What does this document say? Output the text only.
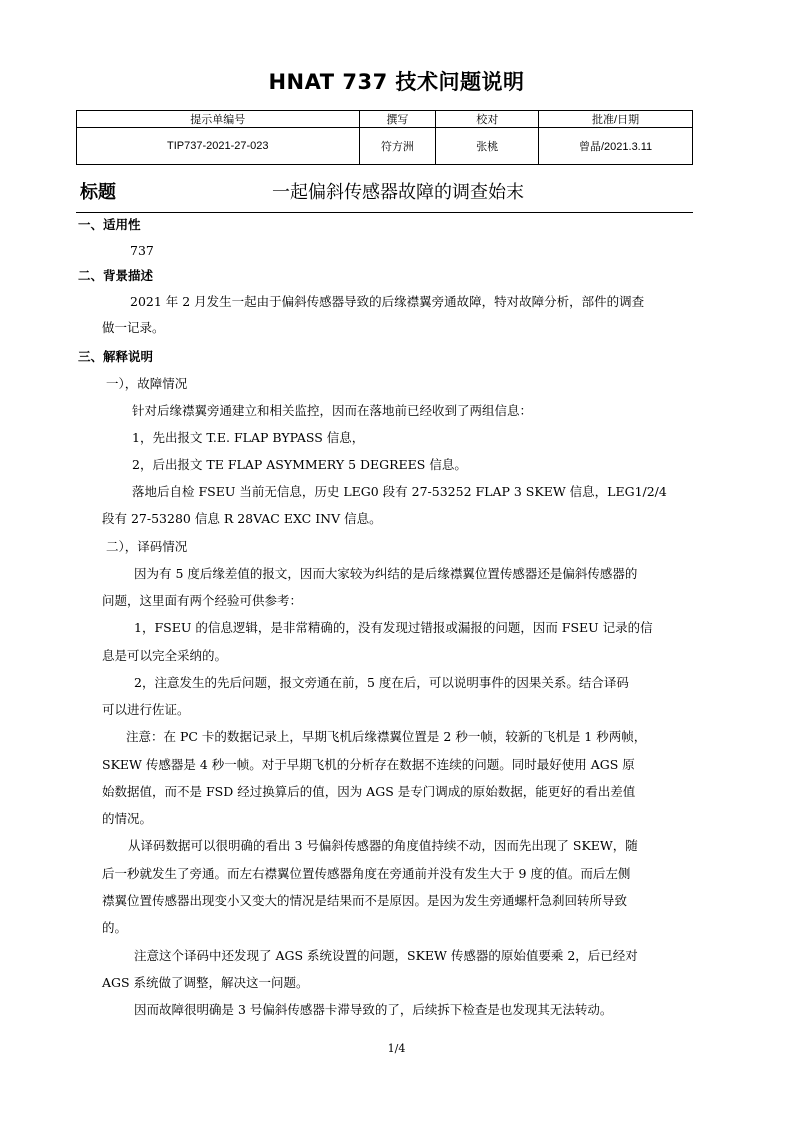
HNAT 737 技术问题说明
提示单编号	撰写	校对	批准/日期
TIP737-2021-27-023	符方洲	张桃	曾晶/2021.3.11
标题	一起偏斜传感器故障的调查始末
一、适用性
737
二、背景描述
2021 年 2 月发生一起由于偏斜传感器导致的后缘襟翼旁通故障，特对故障分析，部件的调查
做一记录。
三、解释说明
一），故障情况
针对后缘襟翼旁通建立和相关监控，因而在落地前已经收到了两组信息：
1，先出报文 T.E. FLAP BYPASS 信息，
2，后出报文 TE FLAP ASYMMERY 5 DEGREES 信息。
落地后自检 FSEU 当前无信息，历史 LEG0 段有 27-53252 FLAP 3 SKEW 信息，LEG1/2/4
段有 27-53280 信息 R 28VAC EXC INV 信息。
二），译码情况
因为有 5 度后缘差值的报文，因而大家较为纠结的是后缘襟翼位置传感器还是偏斜传感器的
问题，这里面有两个经验可供参考：
1，FSEU 的信息逻辑，是非常精确的，没有发现过错报或漏报的问题，因而 FSEU 记录的信
息是可以完全采纳的。
2，注意发生的先后问题，报文旁通在前，5 度在后，可以说明事件的因果关系。结合译码
可以进行佐证。
注意：在 PC 卡的数据记录上，早期飞机后缘襟翼位置是 2 秒一帧，较新的飞机是 1 秒两帧，
SKEW 传感器是 4 秒一帧。对于早期飞机的分析存在数据不连续的问题。同时最好使用 AGS 原
始数据值，而不是 FSD 经过换算后的值，因为 AGS 是专门调成的原始数据，能更好的看出差值
的情况。
从译码数据可以很明确的看出 3 号偏斜传感器的角度值持续不动，因而先出现了 SKEW，随
后一秒就发生了旁通。而左右襟翼位置传感器角度在旁通前并没有发生大于 9 度的值。而后左侧
襟翼位置传感器出现变小又变大的情况是结果而不是原因。是因为发生旁通螺杆急刹回转所导致
的。
注意这个译码中还发现了 AGS 系统设置的问题，SKEW 传感器的原始值要乘 2，后已经对
AGS 系统做了调整，解决这一问题。
因而故障很明确是 3 号偏斜传感器卡滞导致的了，后续拆下检查是也发现其无法转动。
1/4
